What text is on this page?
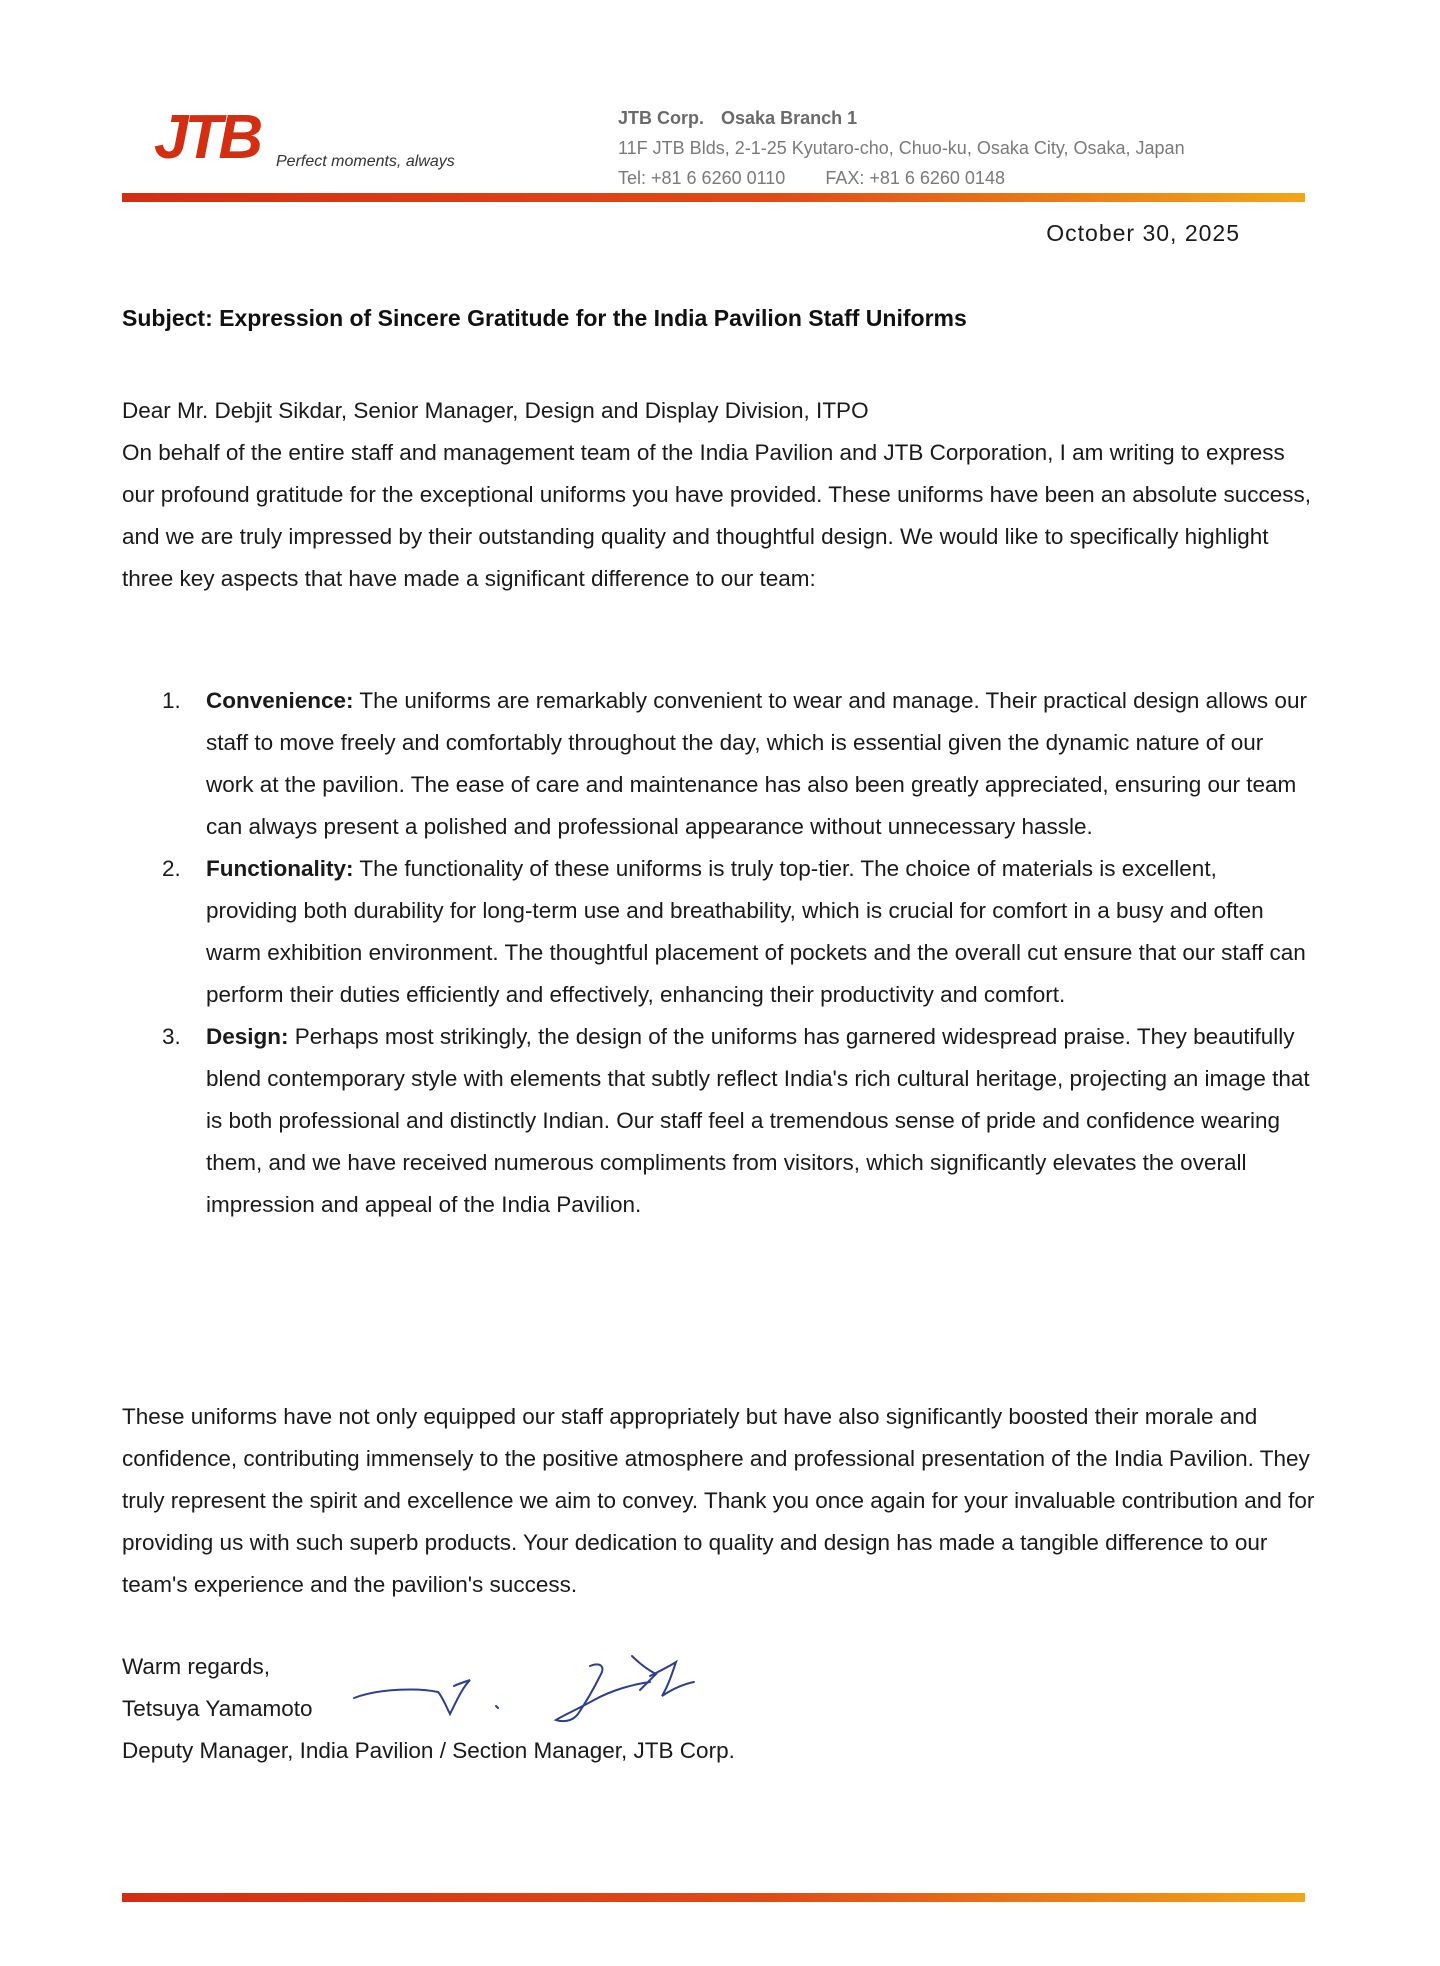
JTB Perfect moments, always
JTB Corp. Osaka Branch 1
11F JTB Blds, 2-1-25 Kyutaro-cho, Chuo-ku, Osaka City, Osaka, Japan
Tel: +81 6 6260 0110 FAX: +81 6 6260 0148
October 30, 2025
Subject: Expression of Sincere Gratitude for the India Pavilion Staff Uniforms

Dear Mr. Debjit Sikdar, Senior Manager, Design and Display Division, ITPO

On behalf of the entire staff and management team of the India Pavilion and JTB Corporation, I am writing to express our profound gratitude for the exceptional uniforms you have provided. These uniforms have been an absolute success, and we are truly impressed by their outstanding quality and thoughtful design. We would like to specifically highlight three key aspects that have made a significant difference to our team:

1. Convenience: The uniforms are remarkably convenient to wear and manage. Their practical design allows our staff to move freely and comfortably throughout the day, which is essential given the dynamic nature of our work at the pavilion. The ease of care and maintenance has also been greatly appreciated, ensuring our team can always present a polished and professional appearance without unnecessary hassle.
2. Functionality: The functionality of these uniforms is truly top-tier. The choice of materials is excellent, providing both durability for long-term use and breathability, which is crucial for comfort in a busy and often warm exhibition environment. The thoughtful placement of pockets and the overall cut ensure that our staff can perform their duties efficiently and effectively, enhancing their productivity and comfort.
3. Design: Perhaps most strikingly, the design of the uniforms has garnered widespread praise. They beautifully blend contemporary style with elements that subtly reflect India's rich cultural heritage, projecting an image that is both professional and distinctly Indian. Our staff feel a tremendous sense of pride and confidence wearing them, and we have received numerous compliments from visitors, which significantly elevates the overall impression and appeal of the India Pavilion.

These uniforms have not only equipped our staff appropriately but have also significantly boosted their morale and confidence, contributing immensely to the positive atmosphere and professional presentation of the India Pavilion. They truly represent the spirit and excellence we aim to convey. Thank you once again for your invaluable contribution and for providing us with such superb products. Your dedication to quality and design has made a tangible difference to our team's experience and the pavilion's success.

Warm regards,
Tetsuya Yamamoto
Deputy Manager, India Pavilion / Section Manager, JTB Corp.
